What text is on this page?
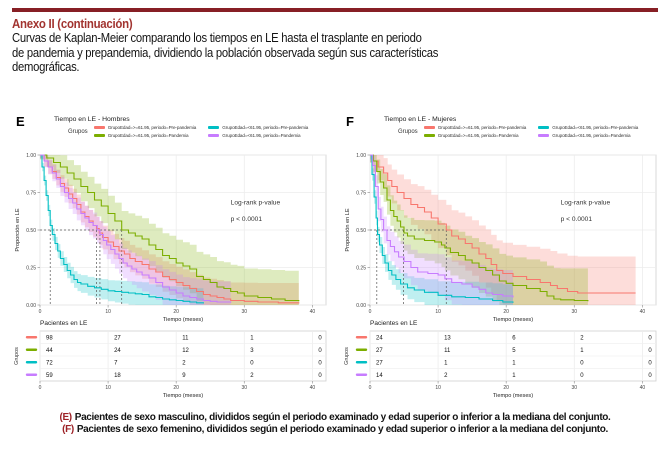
Anexo II (continuación)
Curvas de Kaplan-Meier comparando los tiempos en LE hasta el trasplante en periodo
de pandemia y prepandemia, dividiendo la población observada según sus características
demográficas.
E	Tiempo en LE - Hombres
Grupos
GrupoEdad=>=61.95, periodo=Pre-pandemia	GrupoEdad=<61.95, periodo=Pre-pandemia
GrupoEdad=>=61.95, periodo=Pandemia	GrupoEdad=<61.95, periodo=Pandemia
1.00
0.75
0.50
0.25
0.00
0	10	20	30	40
Tiempo (meses)
Proporción en LE
Log-rank p-value
p < 0.0001
Pacientes en LE
98	27	11	1	0
44	24	12	3	0
72	7	2	0	0
59	18	9	2	0
Grupos
0	10	20	30	40
Tiempo (meses)
F	Tiempo en LE - Mujeres
Grupos
GrupoEdad=>=61.95, periodo=Pre-pandemia	GrupoEdad=<61.95, periodo=Pre-pandemia
GrupoEdad=>=61.95, periodo=Pandemia	GrupoEdad=<61.95, periodo=Pandemia
1.00
0.75
0.50
0.25
0.00
0	10	20	30	40
Tiempo (meses)
Proporción en LE
Log-rank p-value
p < 0.0001
Pacientes en LE
24	13	6	2	0
27	11	5	1	0
27	1	1	0	0
14	2	1	0	0
Grupos
0	10	20	30	40
Tiempo (meses)
(E) Pacientes de sexo masculino, divididos según el periodo examinado y edad superior o inferior a la mediana del conjunto.
(F) Pacientes de sexo femenino, divididos según el periodo examinado y edad superior o inferior a la mediana del conjunto.
